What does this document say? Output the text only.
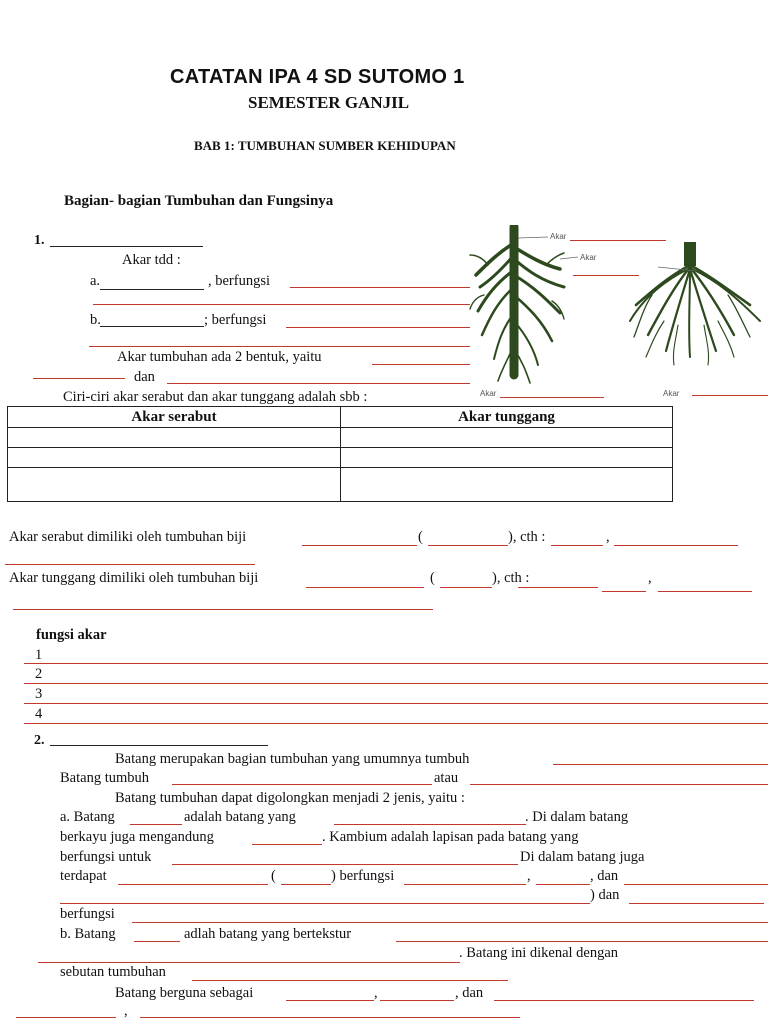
CATATAN IPA 4 SD SUTOMO 1
SEMESTER GANJIL
BAB 1: TUMBUHAN SUMBER KEHIDUPAN
Bagian- bagian Tumbuhan dan Fungsinya
1.
Akar tdd :
a.	, berfungsi
b.	; berfungsi
Akar tumbuhan ada 2 bentuk, yaitu
dan
Ciri-ciri akar serabut dan akar tunggang adalah sbb :
Akar
Akar
Akar	Akar
Akar serabut	Akar tunggang

Akar serabut dimiliki oleh tumbuhan biji	(	), cth :	,
Akar tunggang dimiliki oleh tumbuhan biji	(	), cth :	,
fungsi akar
1
2
3
4
2.
Batang merupakan bagian tumbuhan yang umumnya tumbuh
Batang tumbuh	atau
Batang tumbuhan dapat digolongkan menjadi 2 jenis, yaitu :
a. Batang	adalah batang yang	. Di dalam batang
berkayu juga mengandung	. Kambium adalah lapisan pada batang yang
berfungsi untuk	Di dalam batang juga
terdapat	(	) berfungsi	,	, dan
) dan
berfungsi
b. Batang	adlah batang yang bertekstur
. Batang ini dikenal dengan
sebutan tumbuhan
Batang berguna sebagai	,	, dan
,
